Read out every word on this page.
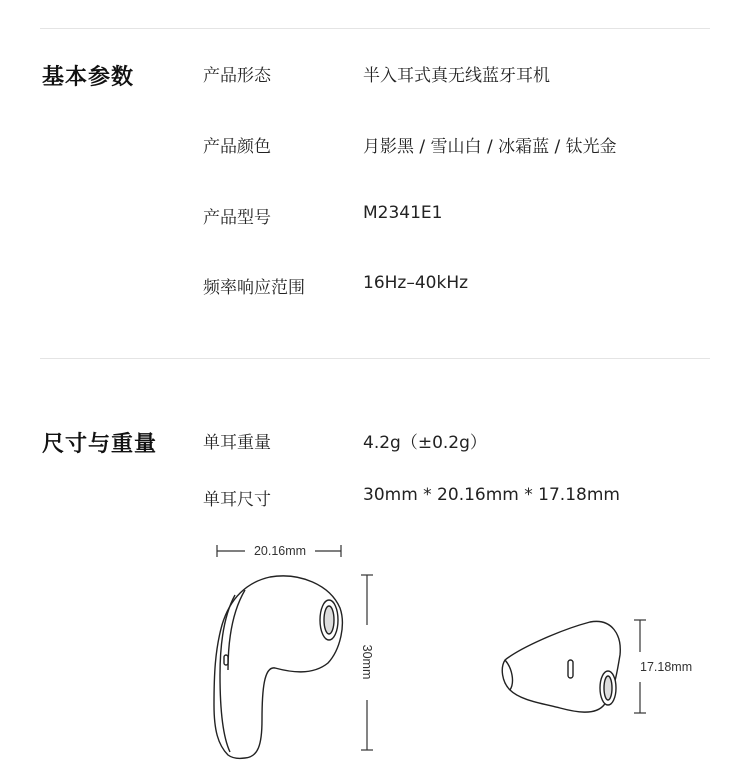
基本参数	产品形态	半入耳式真无线蓝牙耳机
产品颜色	月影黑 / 雪山白 / 冰霜蓝 / 钛光金
产品型号	M2341E1
频率响应范围	16Hz–40kHz
尺寸与重量	单耳重量	4.2g（±0.2g）
单耳尺寸	30mm * 20.16mm * 17.18mm
20.16mm
30mm	17.18mm
